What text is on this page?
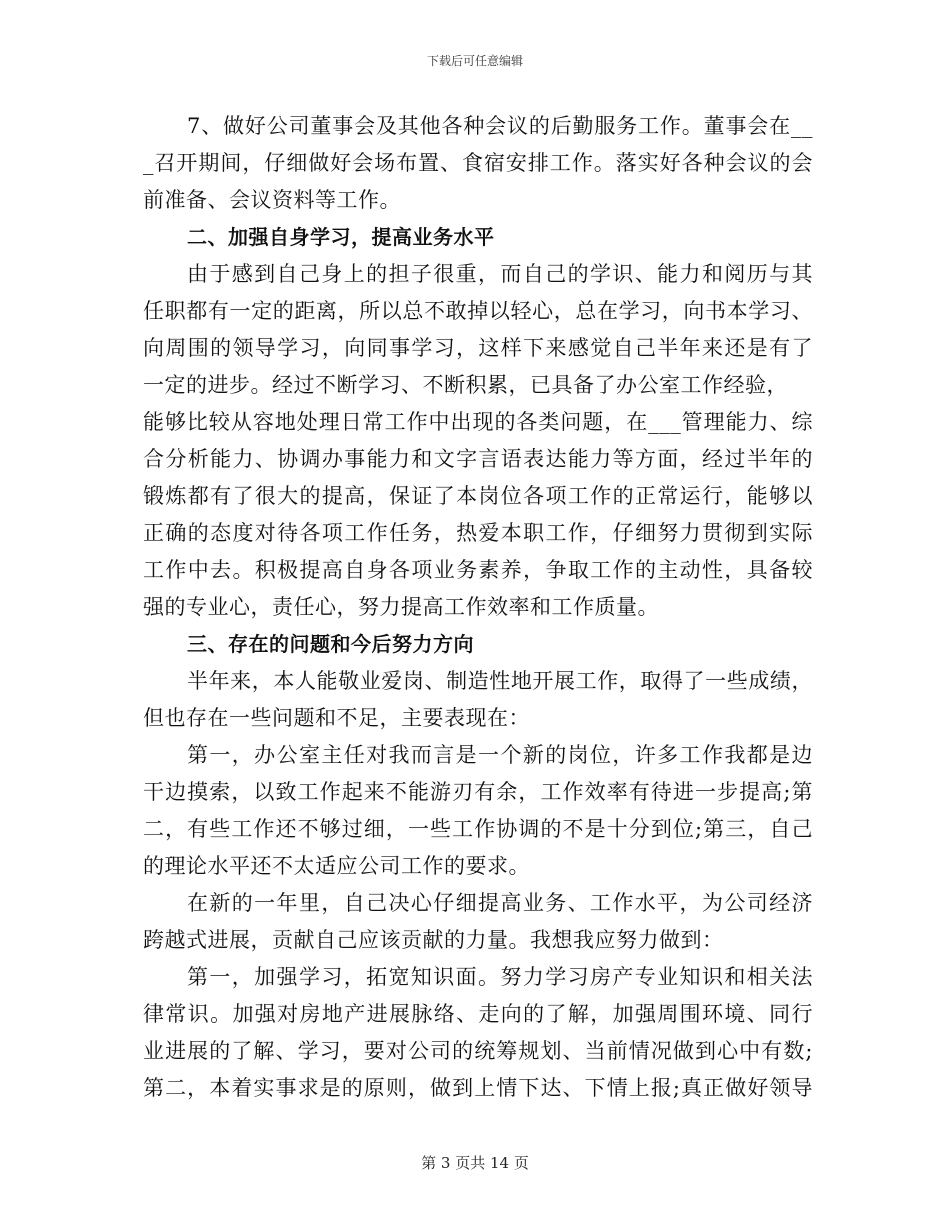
下载后可任意编辑
7、做好公司董事会及其他各种会议的后勤服务工作。董事会在__
_召开期间，仔细做好会场布置、食宿安排工作。落实好各种会议的会
前准备、会议资料等工作。
二、加强自身学习，提高业务水平
由于感到自己身上的担子很重，而自己的学识、能力和阅历与其
任职都有一定的距离，所以总不敢掉以轻心，总在学习，向书本学习、
向周围的领导学习，向同事学习，这样下来感觉自己半年来还是有了
一定的进步。经过不断学习、不断积累，已具备了办公室工作经验，
能够比较从容地处理日常工作中出现的各类问题，在___管理能力、综
合分析能力、协调办事能力和文字言语表达能力等方面，经过半年的
锻炼都有了很大的提高，保证了本岗位各项工作的正常运行，能够以
正确的态度对待各项工作任务，热爱本职工作，仔细努力贯彻到实际
工作中去。积极提高自身各项业务素养，争取工作的主动性，具备较
强的专业心，责任心，努力提高工作效率和工作质量。
三、存在的问题和今后努力方向
半年来，本人能敬业爱岗、制造性地开展工作，取得了一些成绩，
但也存在一些问题和不足，主要表现在：
第一，办公室主任对我而言是一个新的岗位，许多工作我都是边
干边摸索，以致工作起来不能游刃有余，工作效率有待进一步提高;第
二，有些工作还不够过细，一些工作协调的不是十分到位;第三，自己
的理论水平还不太适应公司工作的要求。
在新的一年里，自己决心仔细提高业务、工作水平，为公司经济
跨越式进展，贡献自己应该贡献的力量。我想我应努力做到：
第一，加强学习，拓宽知识面。努力学习房产专业知识和相关法
律常识。加强对房地产进展脉络、走向的了解，加强周围环境、同行
业进展的了解、学习，要对公司的统筹规划、当前情况做到心中有数;
第二，本着实事求是的原则，做到上情下达、下情上报;真正做好领导
第 3 页共 14 页
